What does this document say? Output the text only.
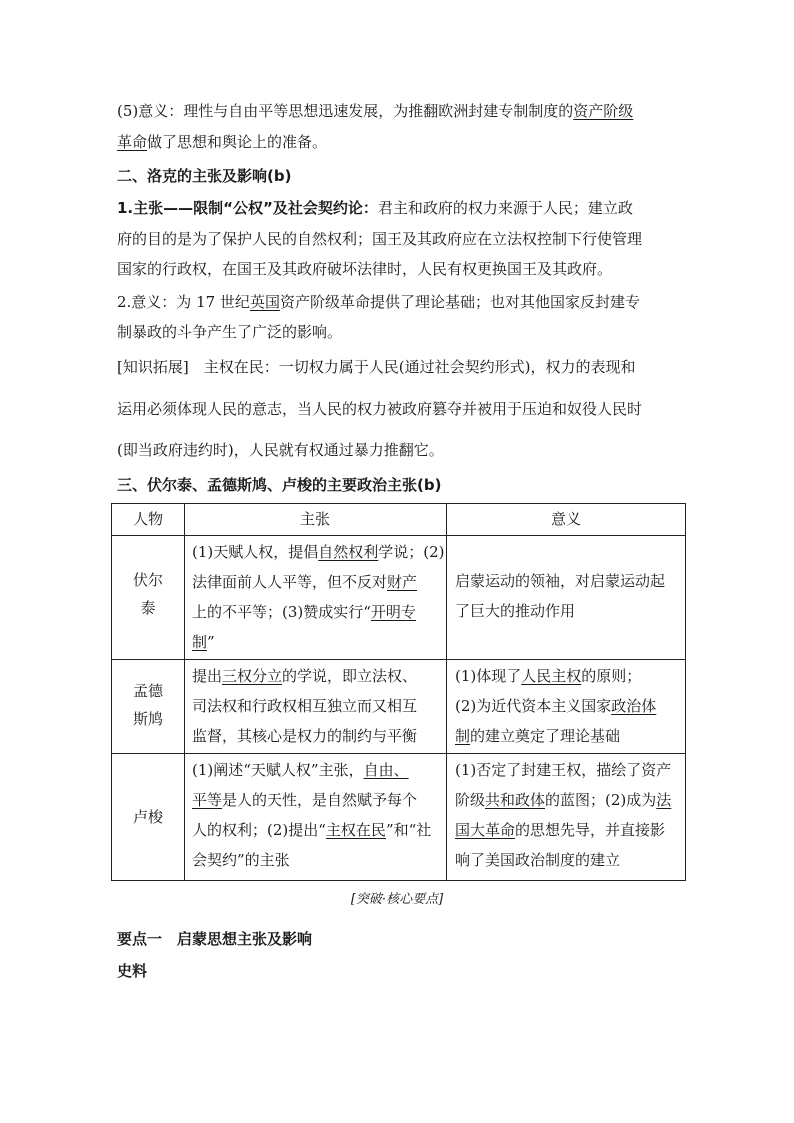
(5)意义：理性与自由平等思想迅速发展，为推翻欧洲封建专制制度的资产阶级
革命做了思想和舆论上的准备。
二、洛克的主张及影响(b)
1.主张——限制“公权”及社会契约论：君主和政府的权力来源于人民；建立政
府的目的是为了保护人民的自然权利；国王及其政府应在立法权控制下行使管理
国家的行政权，在国王及其政府破坏法律时，人民有权更换国王及其政府。
2.意义：为 17 世纪英国资产阶级革命提供了理论基础；也对其他国家反封建专
制暴政的斗争产生了广泛的影响。
[知识拓展]　 主权在民：一切权力属于人民(通过社会契约形式)，权力的表现和
运用必须体现人民的意志，当人民的权力被政府篡夺并被用于压迫和奴役人民时
(即当政府违约时)，人民就有权通过暴力推翻它。
三、伏尔泰、孟德斯鸠、卢梭的主要政治主张(b)
人物	主张	意义
伏尔
泰
(1)天赋人权，提倡自然权利学说；(2)
法律面前人人平等，但不反对财产
上的不平等；(3)赞成实行“开明专
制”
启蒙运动的领袖，对启蒙运动起
了巨大的推动作用
孟德
斯鸠
提出三权分立的学说，即立法权、
司法权和行政权相互独立而又相互
监督，其核心是权力的制约与平衡
(1)体现了人民主权的原则；
(2)为近代资本主义国家政治体
制的建立奠定了理论基础
卢梭
(1)阐述“天赋人权”主张，自由、
平等是人的天性，是自然赋予每个
人的权利；(2)提出“主权在民”和“社
会契约”的主张
(1)否定了封建王权，描绘了资产
阶级共和政体的蓝图；(2)成为法
国大革命的思想先导，并直接影
响了美国政治制度的建立
[突破·核心要点]
要点一　启蒙思想主张及影响
史料
